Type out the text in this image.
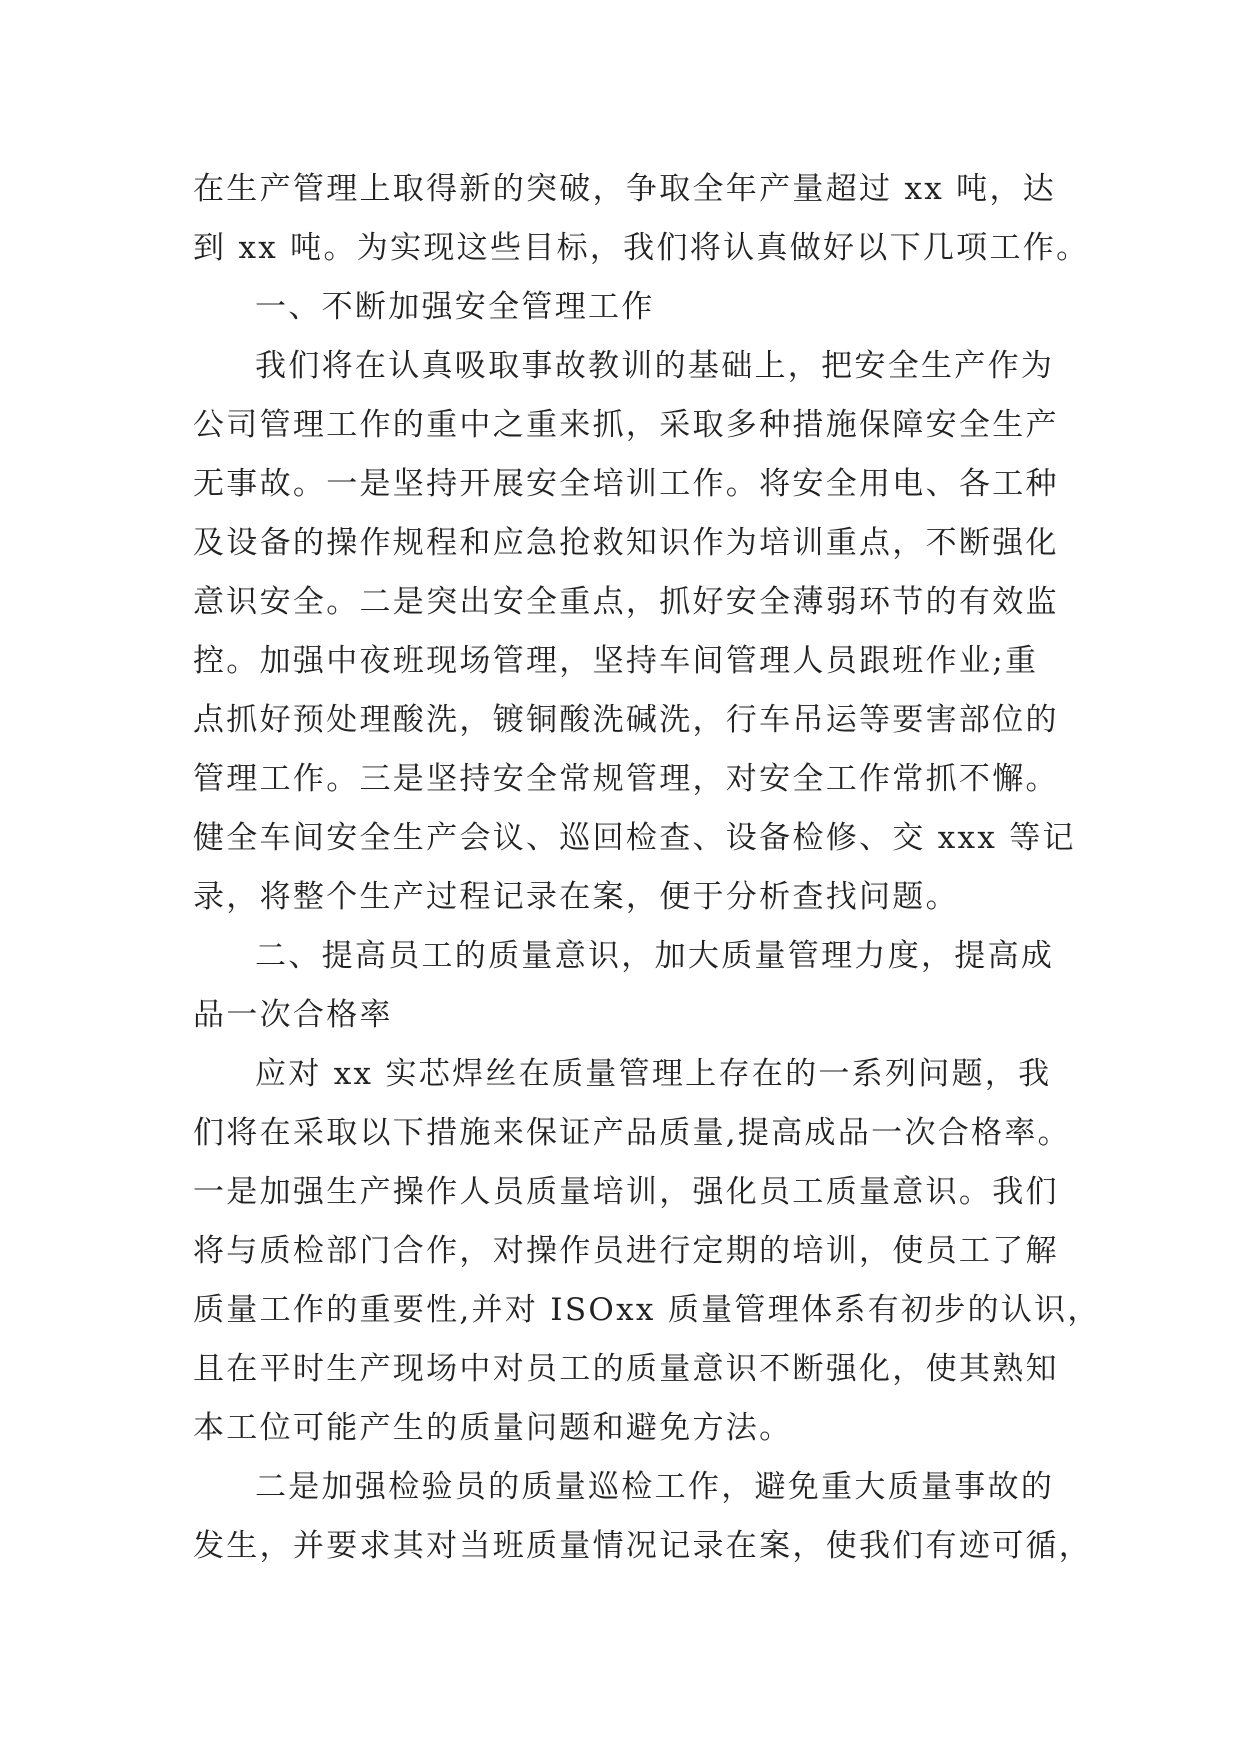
在生产管理上取得新的突破，争取全年产量超过 xx 吨，达
到 xx 吨。为实现这些目标，我们将认真做好以下几项工作。
一、不断加强安全管理工作
我们将在认真吸取事故教训的基础上，把安全生产作为
公司管理工作的重中之重来抓，采取多种措施保障安全生产
无事故。一是坚持开展安全培训工作。将安全用电、各工种
及设备的操作规程和应急抢救知识作为培训重点，不断强化
意识安全。二是突出安全重点，抓好安全薄弱环节的有效监
控。加强中夜班现场管理，坚持车间管理人员跟班作业;重
点抓好预处理酸洗，镀铜酸洗碱洗，行车吊运等要害部位的
管理工作。三是坚持安全常规管理，对安全工作常抓不懈。
健全车间安全生产会议、巡回检查、设备检修、交 xxx 等记
录，将整个生产过程记录在案，便于分析查找问题。
二、提高员工的质量意识，加大质量管理力度，提高成
品一次合格率
应对 xx 实芯焊丝在质量管理上存在的一系列问题，我
们将在采取以下措施来保证产品质量,提高成品一次合格率。
一是加强生产操作人员质量培训，强化员工质量意识。我们
将与质检部门合作，对操作员进行定期的培训，使员工了解
质量工作的重要性,并对 ISOxx 质量管理体系有初步的认识，
且在平时生产现场中对员工的质量意识不断强化，使其熟知
本工位可能产生的质量问题和避免方法。
二是加强检验员的质量巡检工作，避免重大质量事故的
发生，并要求其对当班质量情况记录在案，使我们有迹可循，
